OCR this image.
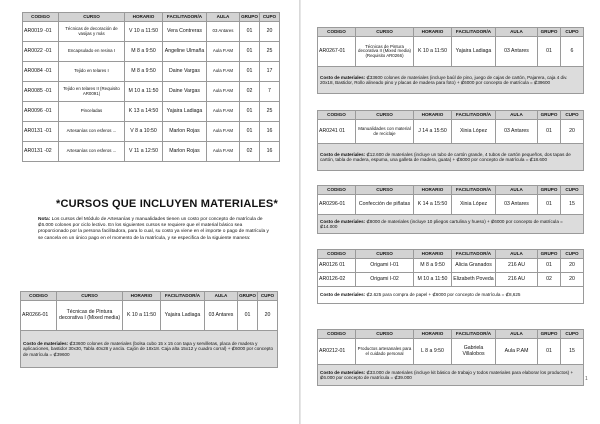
CODIGO	CURSO	HORARIO	FACILITADOR/A	AULA	GRUPO	CUPO
AR0019 -01	Técnicas de decoración de vasijas y más	V 10 a 11:50	Vera Contreras	03 Antares	01	20
AR0022 -01	Encapsulado en resina I	M 8 a 9:50	Angeline Ulmaña	Aula P.AM	01	25
AR0084 -01	Tejido en telares I	M 8 a 9:50	Daine Vargas	Aula P.AM	01	17
AR0085 -01	Tejido en telares II (Requisito AR0091)	M 10 a 11:50	Daine Vargas	Aula P.AM	02	7
AR0096 -01	Pinceladas	K 13 a 14:50	Yajaira Ladiaga	Aula P.AM	01	25
AR0131 -01	Artesanías con esferos ...	V 8 a 10:50	Marlon Rojas	Aula P.AM	01	16
AR0131 -02	Artesanías con esferos ...	V 11 a 12:50	Marlon Rojas	Aula P.AM	02	16
*CURSOS QUE INCLUYEN MATERIALES*
Nota: Los cursos del Módulo de Artesanías y manualidades tienen un costo por concepto de matrícula de ₡6.000 colones por ciclo lectivo. En los siguientes cursos se requiere que el material básico sea proporcionado por la persona facilitadora, para lo cual, su costo ya viene en el importe o pago de matrícula y se cancela en un único pago en el momento de la matrícula, y se especifica de la siguiente manera:
CODIGO	CURSO	HORARIO	FACILITADOR/A	AULA	GRUPO	CUPO
AR0266-01	Técnicas de Pintura decorativa I (Mixed media)	K 10 a 11:50	Yajaira Ladiaga	03 Antares	01	20
Costo de materiales: ₡33600 colones de materiales (bolsa cubo 15 x 15 con tapa y servilletas, placa de madera y aplicaciones, bastidor 30x30, Tabla 40x28 y ancla. Cajón de 18x18. Caja alta 15x12 y cuadro corral) + ₡6000 por concepto de matrícula = ₡39600						
CODIGO	CURSO	HORARIO	FACILITADOR/A	AULA	GRUPO	CUPO
AR0267-01	Técnicas de Pintura decorativa II (Mixed media) (Requisito AR0266)	K 10 a 11:50	Yajaira Ladiaga	03 Antares	01	6
Costo de materiales: ₡33600 colones de materiales (incluye baúl de pino, juego de cajas de cartón, Pajarera, caja 4 div. 20x18, Bastidor, Rollo alineado pino y placas de madera para foto) + ₡6000 por concepto de matrícula = ₡39600						
CODIGO	CURSO	HORARIO	FACILITADOR/A	AULA	GRUPO	CUPO
AR0241 01	Manualidades con material de reciclaje	J 14 a 15:50	Xinia López	03 Antares	01	20
Costo de materiales: ₡12.600 de materiales (incluye un tubo de cartón grande, 4 tubos de cartón pequeños, dos tapas de cartón, tabla de madera, espuma, una galleta de madera, guata) + ₡6000 por concepto de matrícula = ₡18.600						
CODIGO	CURSO	HORARIO	FACILITADOR/A	AULA	GRUPO	CUPO
AR0296-01	Confección de piñatas	K 14 a 15:50	Xinia López	03 Antares	01	15
Costo de materiales: ₡8000 de materiales (incluye 10 pliegos cartulina y hueso) + ₡6000 por concepto de matrícula = ₡14.000						
CODIGO	CURSO	HORARIO	FACILITADOR/A	AULA	GRUPO	CUPO
AR0126 01	Origami I-01	M 8 a 9:50	Alicia Granados	216 AU	01	20
AR0126-02	Origami I-02	M 10 a 11:50	Elizabeth Poveda	216 AU	02	20
Costo de materiales: ₡2.625 para compra de papel + ₡6000 por concepto de matrícula = ₡8,625						
CODIGO	CURSO	HORARIO	FACILITADOR/A	AULA	GRUPO	CUPO
AR0212-01	Productos artesanales para el cuidado personal	L 8 a 9:50	Gabriela Villalobos	Aula P.AM	01	15
Costo de materiales: ₡33.000 de materiales (incluye kit básico de trabajo y todos materiales para elaborar los productos) + ₡6.000 por concepto de matrícula = ₡39.000							1
